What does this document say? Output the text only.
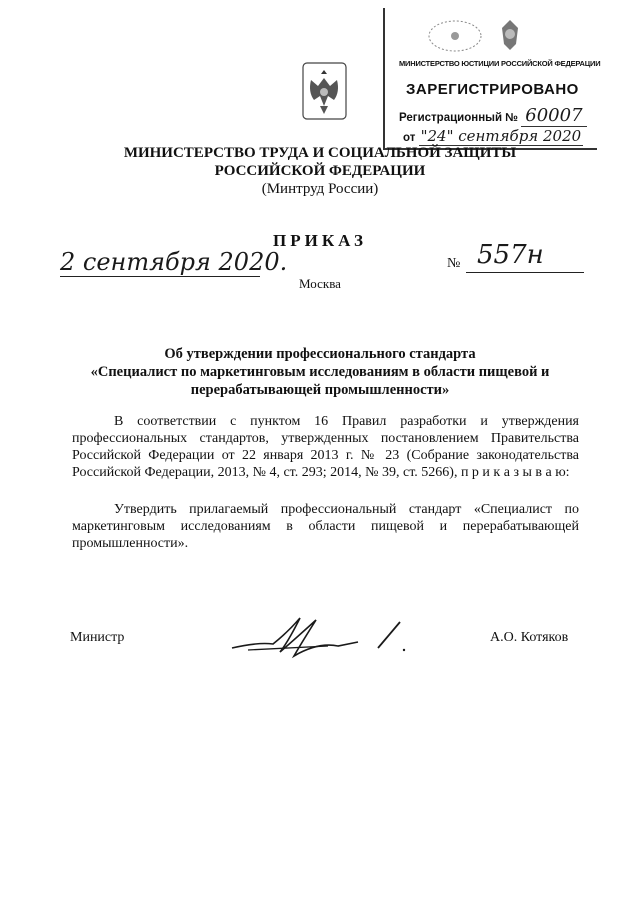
МИНИСТЕРСТВО ЮСТИЦИИ РОССИЙСКОЙ ФЕДЕРАЦИИ
ЗАРЕГИСТРИРОВАНО
Регистрационный № 60007
от "24" сентября 2020
МИНИСТЕРСТВО ТРУДА И СОЦИАЛЬНОЙ ЗАЩИТЫ
РОССИЙСКОЙ ФЕДЕРАЦИИ
(Минтруд России)
ПРИКАЗ
2 сентября 2020.	№ 557н
Москва
Об утверждении профессионального стандарта
«Специалист по маркетинговым исследованиям в области пищевой и
перерабатывающей промышленности»
В соответствии с пунктом 16 Правил разработки и утверждения
профессиональных стандартов, утвержденных постановлением Правительства
Российской Федерации от 22 января 2013 г. № 23 (Собрание законодательства
Российской Федерации, 2013, № 4, ст. 293; 2014, № 39, ст. 5266), п р и к а з ы в а ю:
Утвердить прилагаемый профессиональный стандарт «Специалист по
маркетинговым исследованиям в области пищевой и перерабатывающей
промышленности».
Министр	А.О. Котяков
